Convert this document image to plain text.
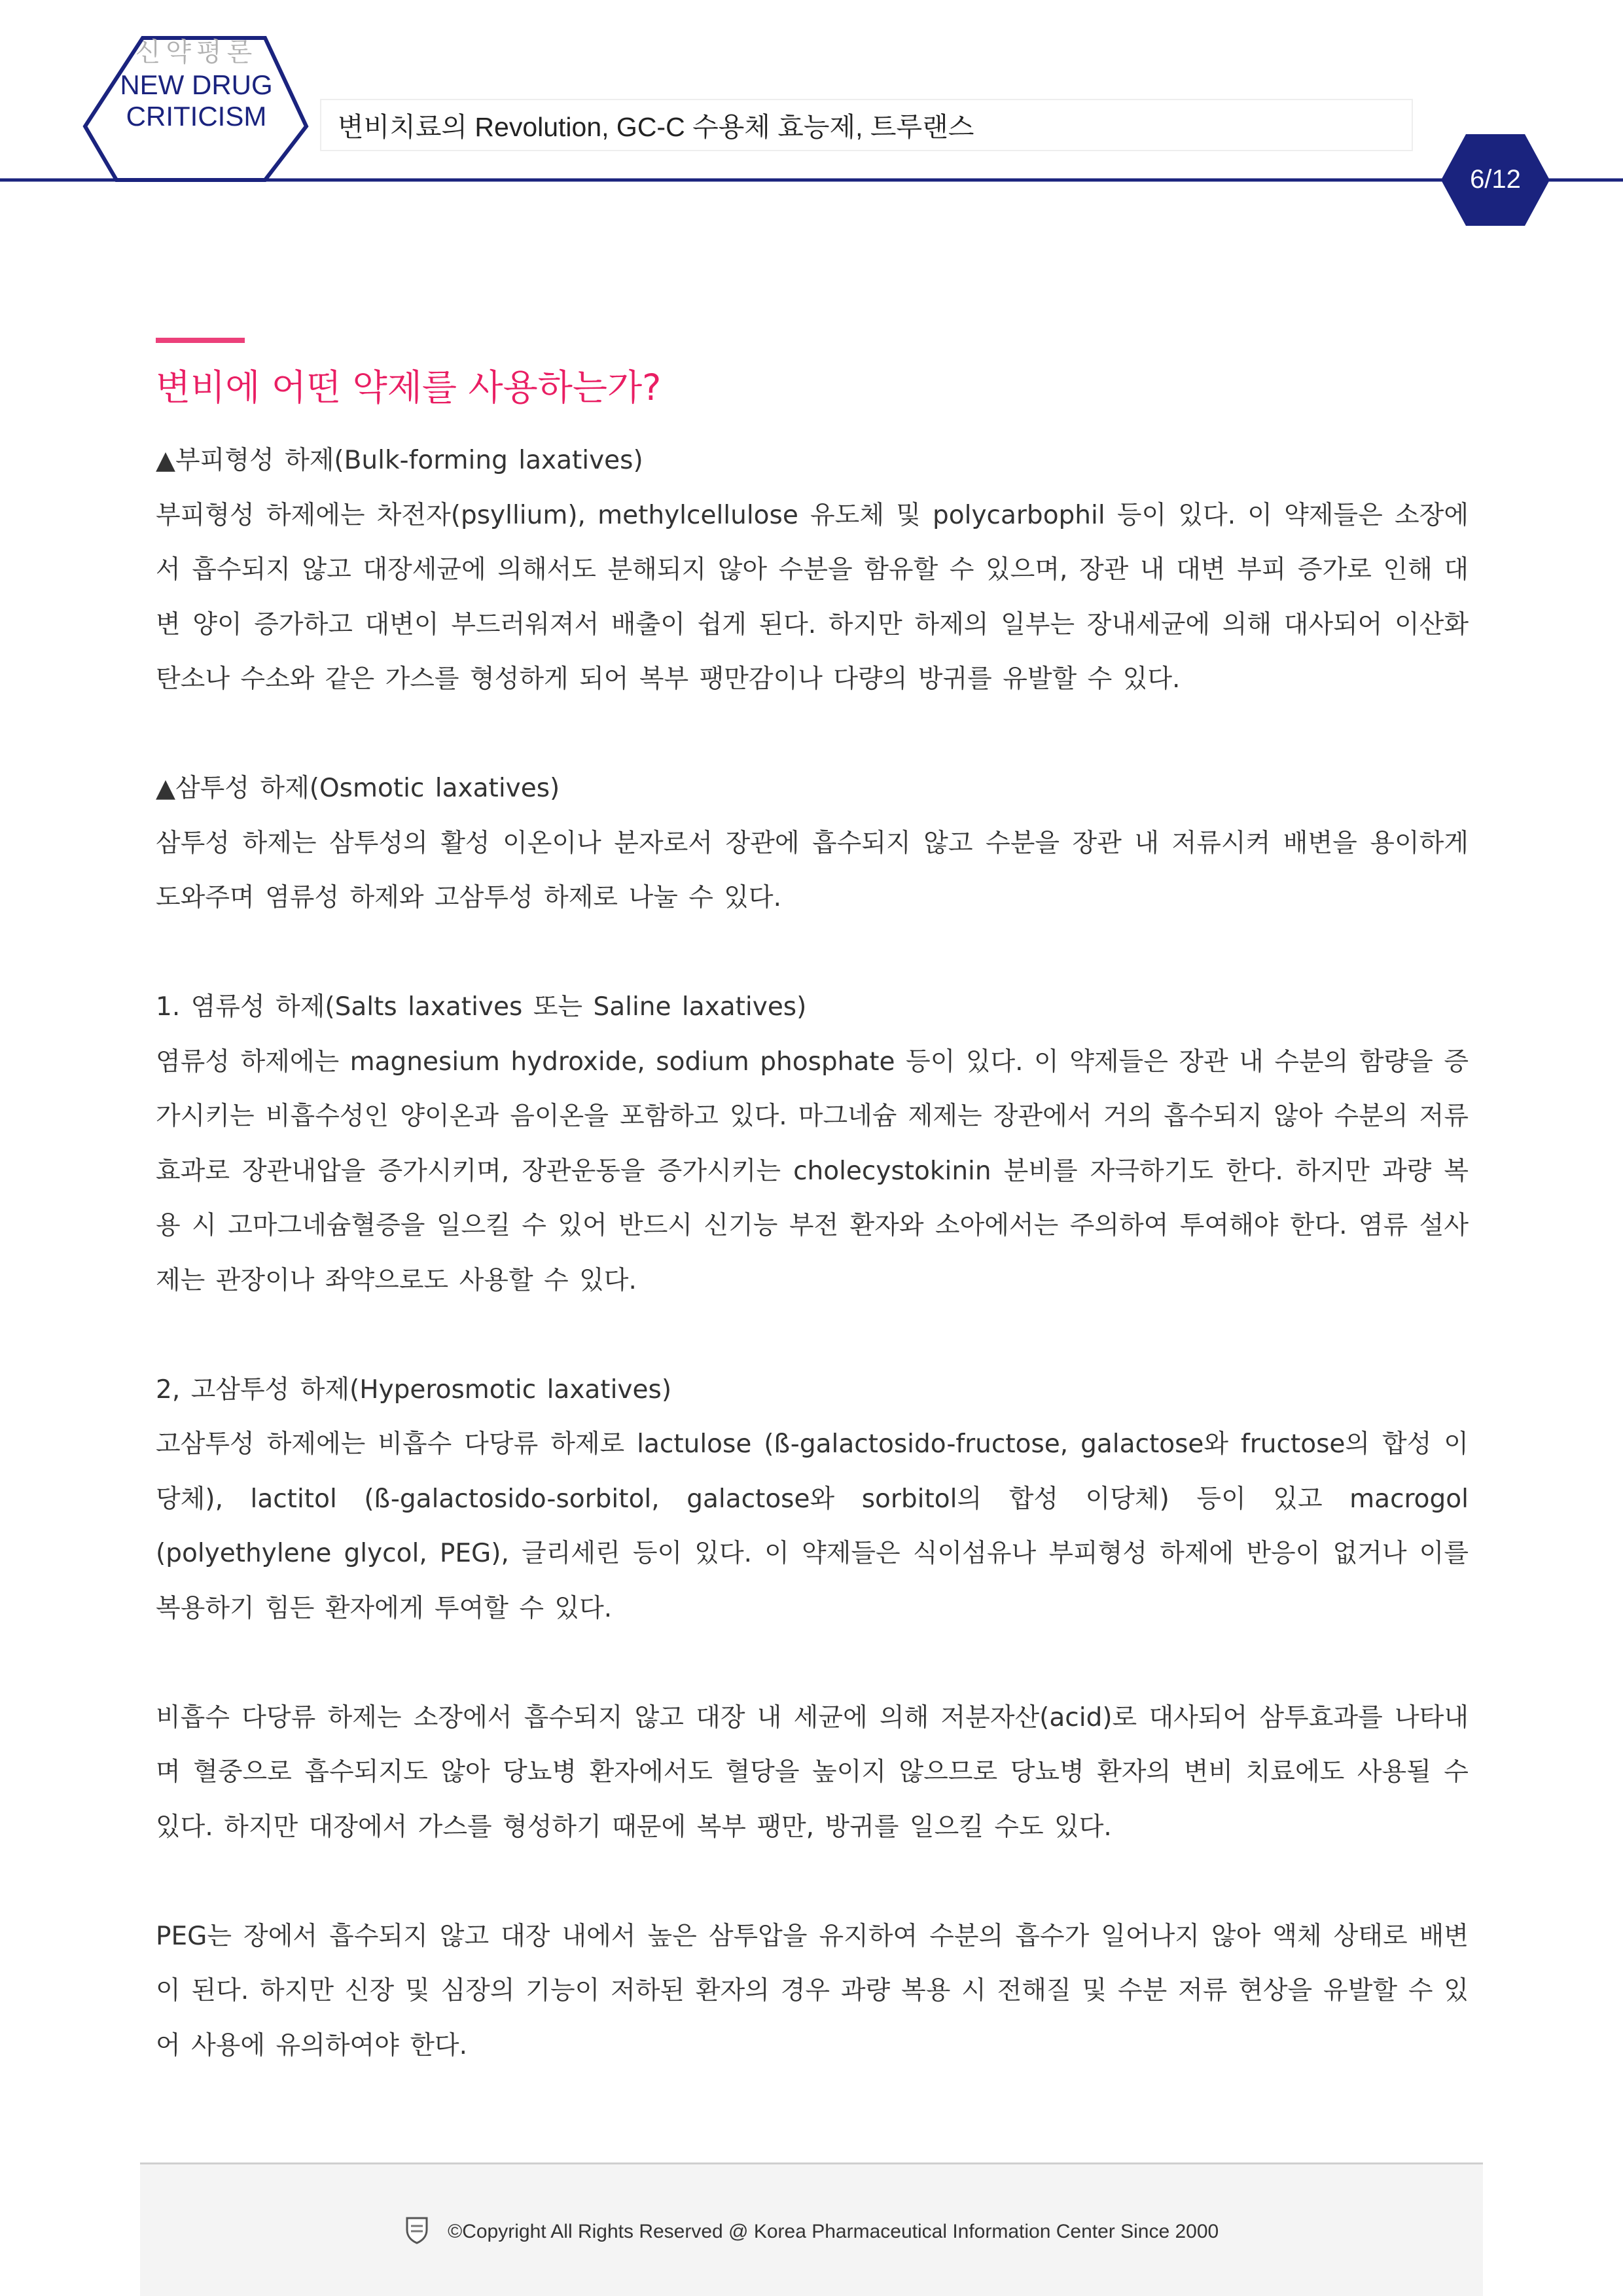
신약평론
NEW DRUG
CRITICISM	변비치료의 Revolution, GC-C 수용체 효능제, 트루랜스
6/12
변비에 어떤 약제를 사용하는가?

▲부피형성 하제(Bulk-forming laxatives)

부피형성 하제에는 차전자(psyllium), methylcellulose 유도체 및 polycarbophil 등이 있다. 이 약제들은 소장에서 흡수되지 않고 대장세균에 의해서도 분해되지 않아 수분을 함유할 수 있으며, 장관 내 대변 부피 증가로 인해 대변 양이 증가하고 대변이 부드러워져서 배출이 쉽게 된다. 하지만 하제의 일부는 장내세균에 의해 대사되어 이산화탄소나 수소와 같은 가스를 형성하게 되어 복부 팽만감이나 다량의 방귀를 유발할 수 있다.

▲삼투성 하제(Osmotic laxatives)

삼투성 하제는 삼투성의 활성 이온이나 분자로서 장관에 흡수되지 않고 수분을 장관 내 저류시켜 배변을 용이하게 도와주며 염류성 하제와 고삼투성 하제로 나눌 수 있다.

1. 염류성 하제(Salts laxatives 또는 Saline laxatives)

염류성 하제에는 magnesium hydroxide, sodium phosphate 등이 있다. 이 약제들은 장관 내 수분의 함량을 증가시키는 비흡수성인 양이온과 음이온을 포함하고 있다. 마그네슘 제제는 장관에서 거의 흡수되지 않아 수분의 저류효과로 장관내압을 증가시키며, 장관운동을 증가시키는 cholecystokinin 분비를 자극하기도 한다. 하지만 과량 복용 시 고마그네슘혈증을 일으킬 수 있어 반드시 신기능 부전 환자와 소아에서는 주의하여 투여해야 한다. 염류 설사제는 관장이나 좌약으로도 사용할 수 있다.

2, 고삼투성 하제(Hyperosmotic laxatives)

고삼투성 하제에는 비흡수 다당류 하제로 lactulose (ß-galactosido-fructose, galactose와 fructose의 합성 이당체), lactitol (ß-galactosido-sorbitol, galactose와 sorbitol의 합성 이당체) 등이 있고 macrogol (polyethylene glycol, PEG), 글리세린 등이 있다. 이 약제들은 식이섬유나 부피형성 하제에 반응이 없거나 이를 복용하기 힘든 환자에게 투여할 수 있다.

비흡수 다당류 하제는 소장에서 흡수되지 않고 대장 내 세균에 의해 저분자산(acid)로 대사되어 삼투효과를 나타내며 혈중으로 흡수되지도 않아 당뇨병 환자에서도 혈당을 높이지 않으므로 당뇨병 환자의 변비 치료에도 사용될 수 있다. 하지만 대장에서 가스를 형성하기 때문에 복부 팽만, 방귀를 일으킬 수도 있다.

PEG는 장에서 흡수되지 않고 대장 내에서 높은 삼투압을 유지하여 수분의 흡수가 일어나지 않아 액체 상태로 배변이 된다. 하지만 신장 및 심장의 기능이 저하된 환자의 경우 과량 복용 시 전해질 및 수분 저류 현상을 유발할 수 있어 사용에 유의하여야 한다.

©Copyright All Rights Reserved @ Korea Pharmaceutical Information Center Since 2000
